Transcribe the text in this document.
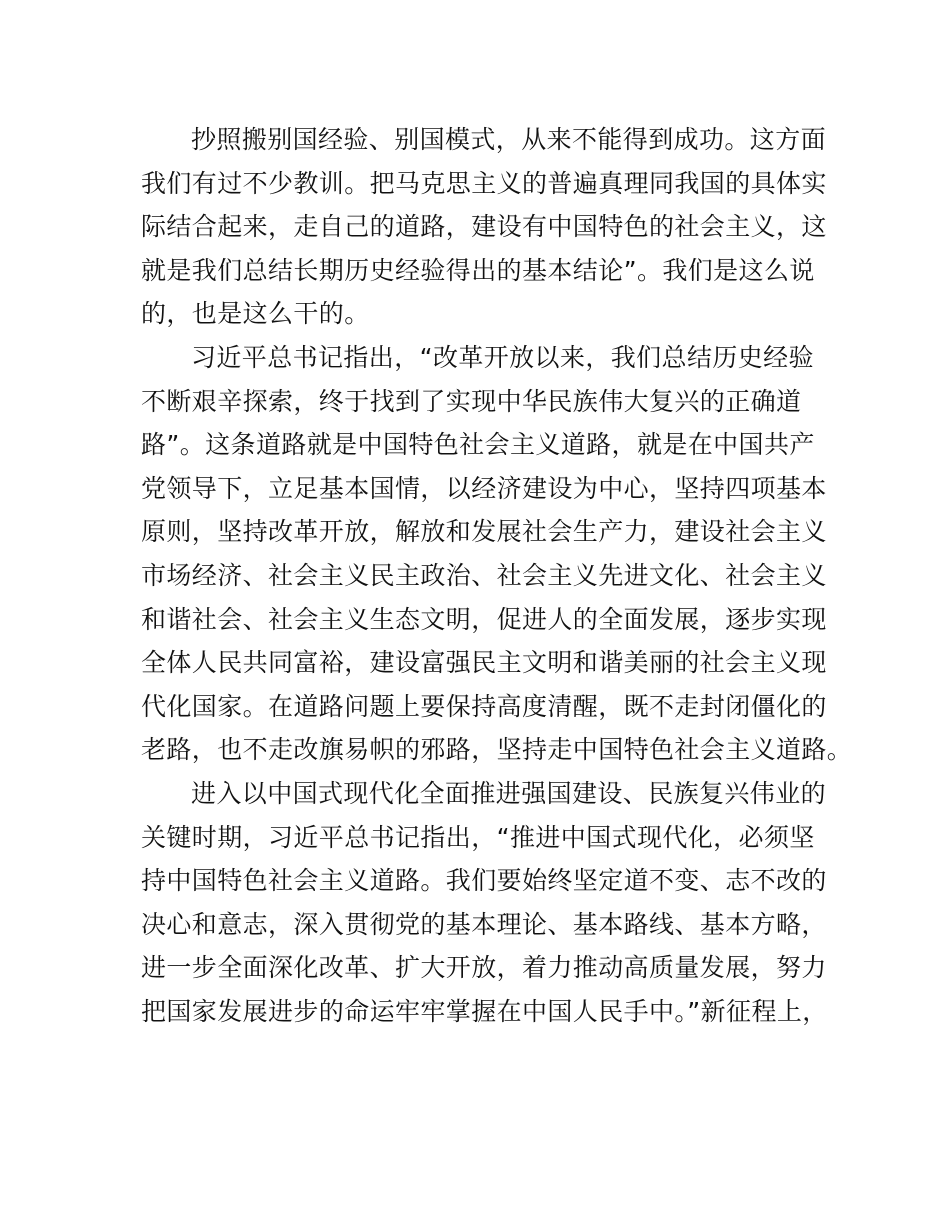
抄照搬别国经验、别国模式，从来不能得到成功。这方面
我们有过不少教训。把马克思主义的普遍真理同我国的具体实
际结合起来，走自己的道路，建设有中国特色的社会主义，这
就是我们总结长期历史经验得出的基本结论”。我们是这么说
的，也是这么干的。
习近平总书记指出，“改革开放以来，我们总结历史经验
不断艰辛探索，终于找到了实现中华民族伟大复兴的正确道
路”。这条道路就是中国特色社会主义道路，就是在中国共产
党领导下，立足基本国情，以经济建设为中心，坚持四项基本
原则，坚持改革开放，解放和发展社会生产力，建设社会主义
市场经济、社会主义民主政治、社会主义先进文化、社会主义
和谐社会、社会主义生态文明，促进人的全面发展，逐步实现
全体人民共同富裕，建设富强民主文明和谐美丽的社会主义现
代化国家。在道路问题上要保持高度清醒，既不走封闭僵化的
老路，也不走改旗易帜的邪路，坚持走中国特色社会主义道路。
进入以中国式现代化全面推进强国建设、民族复兴伟业的
关键时期，习近平总书记指出，“推进中国式现代化，必须坚
持中国特色社会主义道路。我们要始终坚定道不变、志不改的
决心和意志，深入贯彻党的基本理论、基本路线、基本方略，
进一步全面深化改革、扩大开放，着力推动高质量发展，努力
把国家发展进步的命运牢牢掌握在中国人民手中。”新征程上，
